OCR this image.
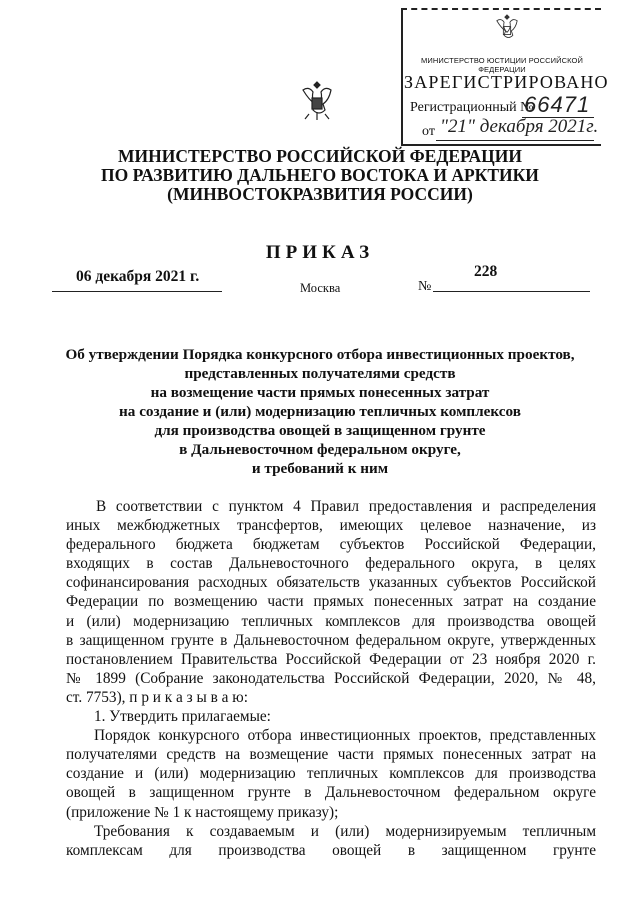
МИНИСТЕРСТВО ЮСТИЦИИ РОССИЙСКОЙ ФЕДЕРАЦИИ
ЗАРЕГИСТРИРОВАНО
Регистрационный №
66471
от "21" декабря 2021г.
МИНИСТЕРСТВО РОССИЙСКОЙ ФЕДЕРАЦИИ
ПО РАЗВИТИЮ ДАЛЬНЕГО ВОСТОКА И АРКТИКИ
(МИНВОСТОКРАЗВИТИЯ РОССИИ)
ПРИКАЗ
06 декабря 2021 г.
Москва	№
228
Об утверждении Порядка конкурсного отбора инвестиционных проектов,
представленных получателями средств
на возмещение части прямых понесенных затрат
на создание и (или) модернизацию тепличных комплексов
для производства овощей в защищенном грунте
в Дальневосточном федеральном округе,
и требований к ним
В соответствии с пунктом 4 Правил предоставления и распределения
иных межбюджетных трансфертов, имеющих целевое назначение, из
федерального бюджета бюджетам субъектов Российской Федерации,
входящих в состав Дальневосточного федерального округа, в целях
софинансирования расходных обязательств указанных субъектов Российской
Федерации по возмещению части прямых понесенных затрат на создание
и (или) модернизацию тепличных комплексов для производства овощей
в защищенном грунте в Дальневосточном федеральном округе, утвержденных
постановлением Правительства Российской Федерации от 23 ноября 2020 г.
№ 1899 (Собрание законодательства Российской Федерации, 2020, № 48,
ст. 7753), п р и к а з ы в а ю:
1. Утвердить прилагаемые:
Порядок конкурсного отбора инвестиционных проектов, представленных
получателями средств на возмещение части прямых понесенных затрат на
создание и (или) модернизацию тепличных комплексов для производства
овощей в защищенном грунте в Дальневосточном федеральном округе
(приложение № 1 к настоящему приказу);
Требования к создаваемым и (или) модернизируемым тепличным
комплексам для производства овощей в защищенном грунте
